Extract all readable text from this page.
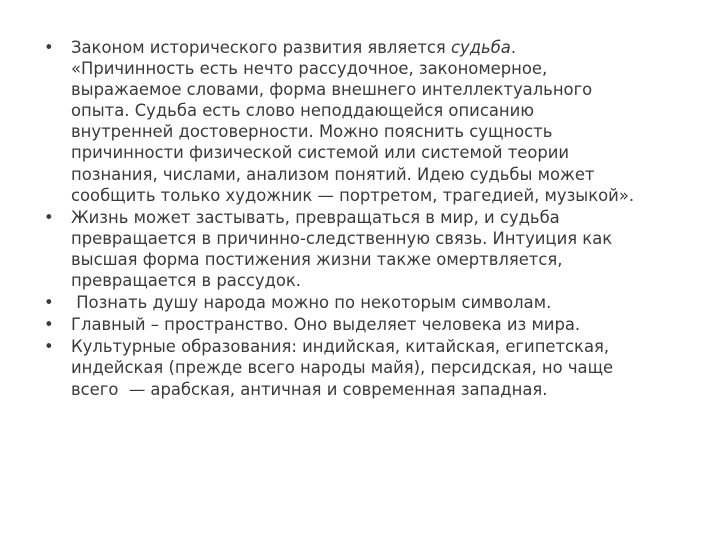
• Законом исторического развития является судьба.
«Причинность есть нечто рассудочное, закономерное,
выражаемое словами, форма внешнего интеллектуального
опыта. Судьба есть слово неподдающейся описанию
внутренней достоверности. Можно пояснить сущность
причинности физической системой или системой теории
познания, числами, анализом понятий. Идею судьбы может
сообщить только художник — портретом, трагедией, музыкой».
• Жизнь может застывать, превращаться в мир, и судьба
превращается в причинно-следственную связь. Интуиция как
высшая форма постижения жизни также омертвляется,
превращается в рассудок.
• Познать душу народа можно по некоторым символам.
• Главный – пространство. Оно выделяет человека из мира.
• Культурные образования: индийская, китайская, египетская,
индейская (прежде всего народы майя), персидская, но чаще
всего  — арабская, античная и современная западная.
